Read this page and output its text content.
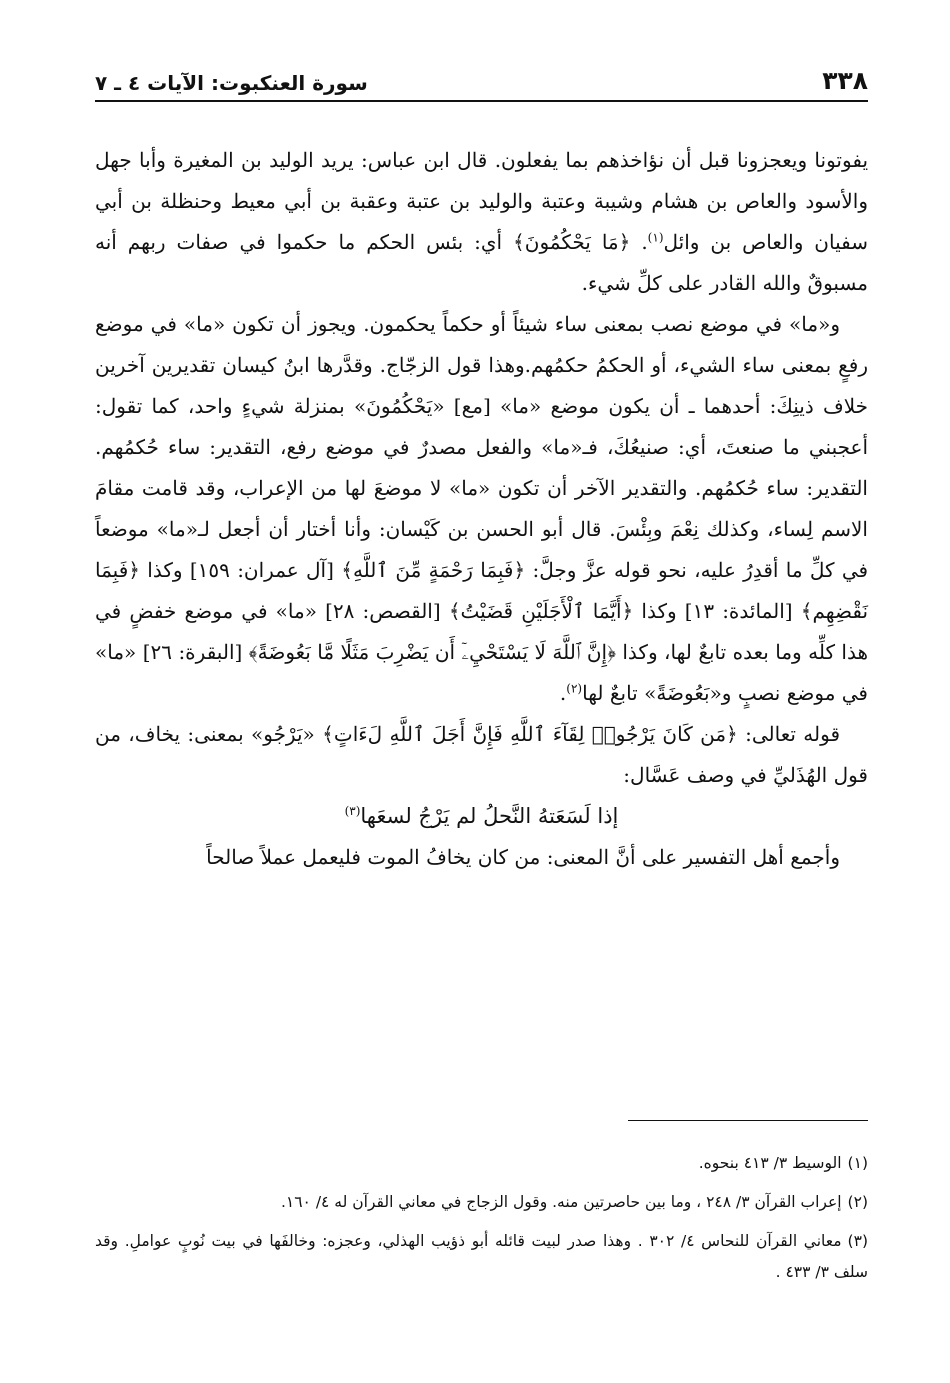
٣٣٨
سورة العنكبوت: الآيات ٤ ـ ٧

يفوتونا ويعجزونا قبل أن نؤاخذهم بما يفعلون. قال ابن عباس: يريد الوليد بن المغيرة وأبا جهل والأسود والعاص بن هشام وشيبة وعتبة والوليد بن عتبة وعقبة بن أبي معيط وحنظلة بن أبي سفيان والعاص بن وائل$^{(١)}$. ﴿مَا يَحْكُمُونَ﴾ أي: بئس الحكم ما حكموا في صفات ربهم أنه مسبوقٌ والله القادر على كلِّ شيء.

و«ما» في موضع نصب بمعنى ساء شيئاً أو حكماً يحكمون. ويجوز أن تكون «ما» في موضع رفعٍ بمعنى ساء الشيء، أو الحكمُ حكمُهم.وهذا قول الزجّاج. وقدَّرها ابنُ كيسان تقديرين آخرين خلاف ذينِكَ: أحدهما ـ أن يكون موضع «ما» [مع] «يَحْكُمُونَ» بمنزلة شيءٍ واحد، كما تقول: أعجبني ما صنعتَ، أي: صنيعُكَ، فـ«ما» والفعل مصدرٌ في موضع رفع، التقدير: ساء حُكمُهم. التقدير: ساء حُكمُهم. والتقدير الآخر أن تكون «ما» لا موضعَ لها من الإعراب، وقد قامت مقامَ الاسم لِساء، وكذلك نِعْمَ وبِئْسَ. قال أبو الحسن بن كَيْسان: وأنا أختار أن أجعل لـ«ما» موضعاً في كلِّ ما أقدِرُ عليه، نحو قوله عزَّ وجلَّ: ﴿فَبِمَا رَحْمَةٍ مِّنَ ٱللَّهِ﴾ [آل عمران: ١٥٩] وكذا ﴿فَبِمَا نَقْضِهِم﴾ [المائدة: ١٣] وكذا ﴿أَيَّمَا ٱلْأَجَلَيْنِ قَضَيْتُ﴾ [القصص: ٢٨] «ما» في موضع خفضٍ في هذا كلِّه وما بعده تابعٌ لها، وكذا ﴿إِنَّ ٱللَّهَ لَا يَسْتَحْيِۦٓ أَن يَضْرِبَ مَثَلًا مَّا بَعُوضَةً﴾ [البقرة: ٢٦] «ما» في موضع نصبٍ و«بَعُوضَةً» تابعٌ لها$^{(٢)}$.

قوله تعالى: ﴿مَن كَانَ يَرْجُوا۟ لِقَآءَ ٱللَّهِ فَإِنَّ أَجَلَ ٱللَّهِ لَءَاتٍ﴾ «يَرْجُو» بمعنى: يخاف، من قول الهُذَليِّ في وصف عَسَّال:

إذا لَسَعَتهُ النَّحلُ لم يَرْجُ لسعَها$^{(٣)}$

وأجمع أهل التفسير على أنَّ المعنى: من كان يخافُ الموت فليعمل عملاً صالحاً

(١)الوسيط ٣/ ٤١٣ بنحوه.

(٢)إعراب القرآن ٣/ ٢٤٨ ، وما بين حاصرتين منه. وقول الزجاج في معاني القرآن له ٤/ ١٦٠.

(٣)معاني القرآن للنحاس ٤/ ٣٠٢ . وهذا صدر لبيت قائله أبو ذؤيب الهذلي، وعجزه: وخالفَها في بيت نُوبٍ عواملِ. وقد سلف ٣/ ٤٣٣ .
